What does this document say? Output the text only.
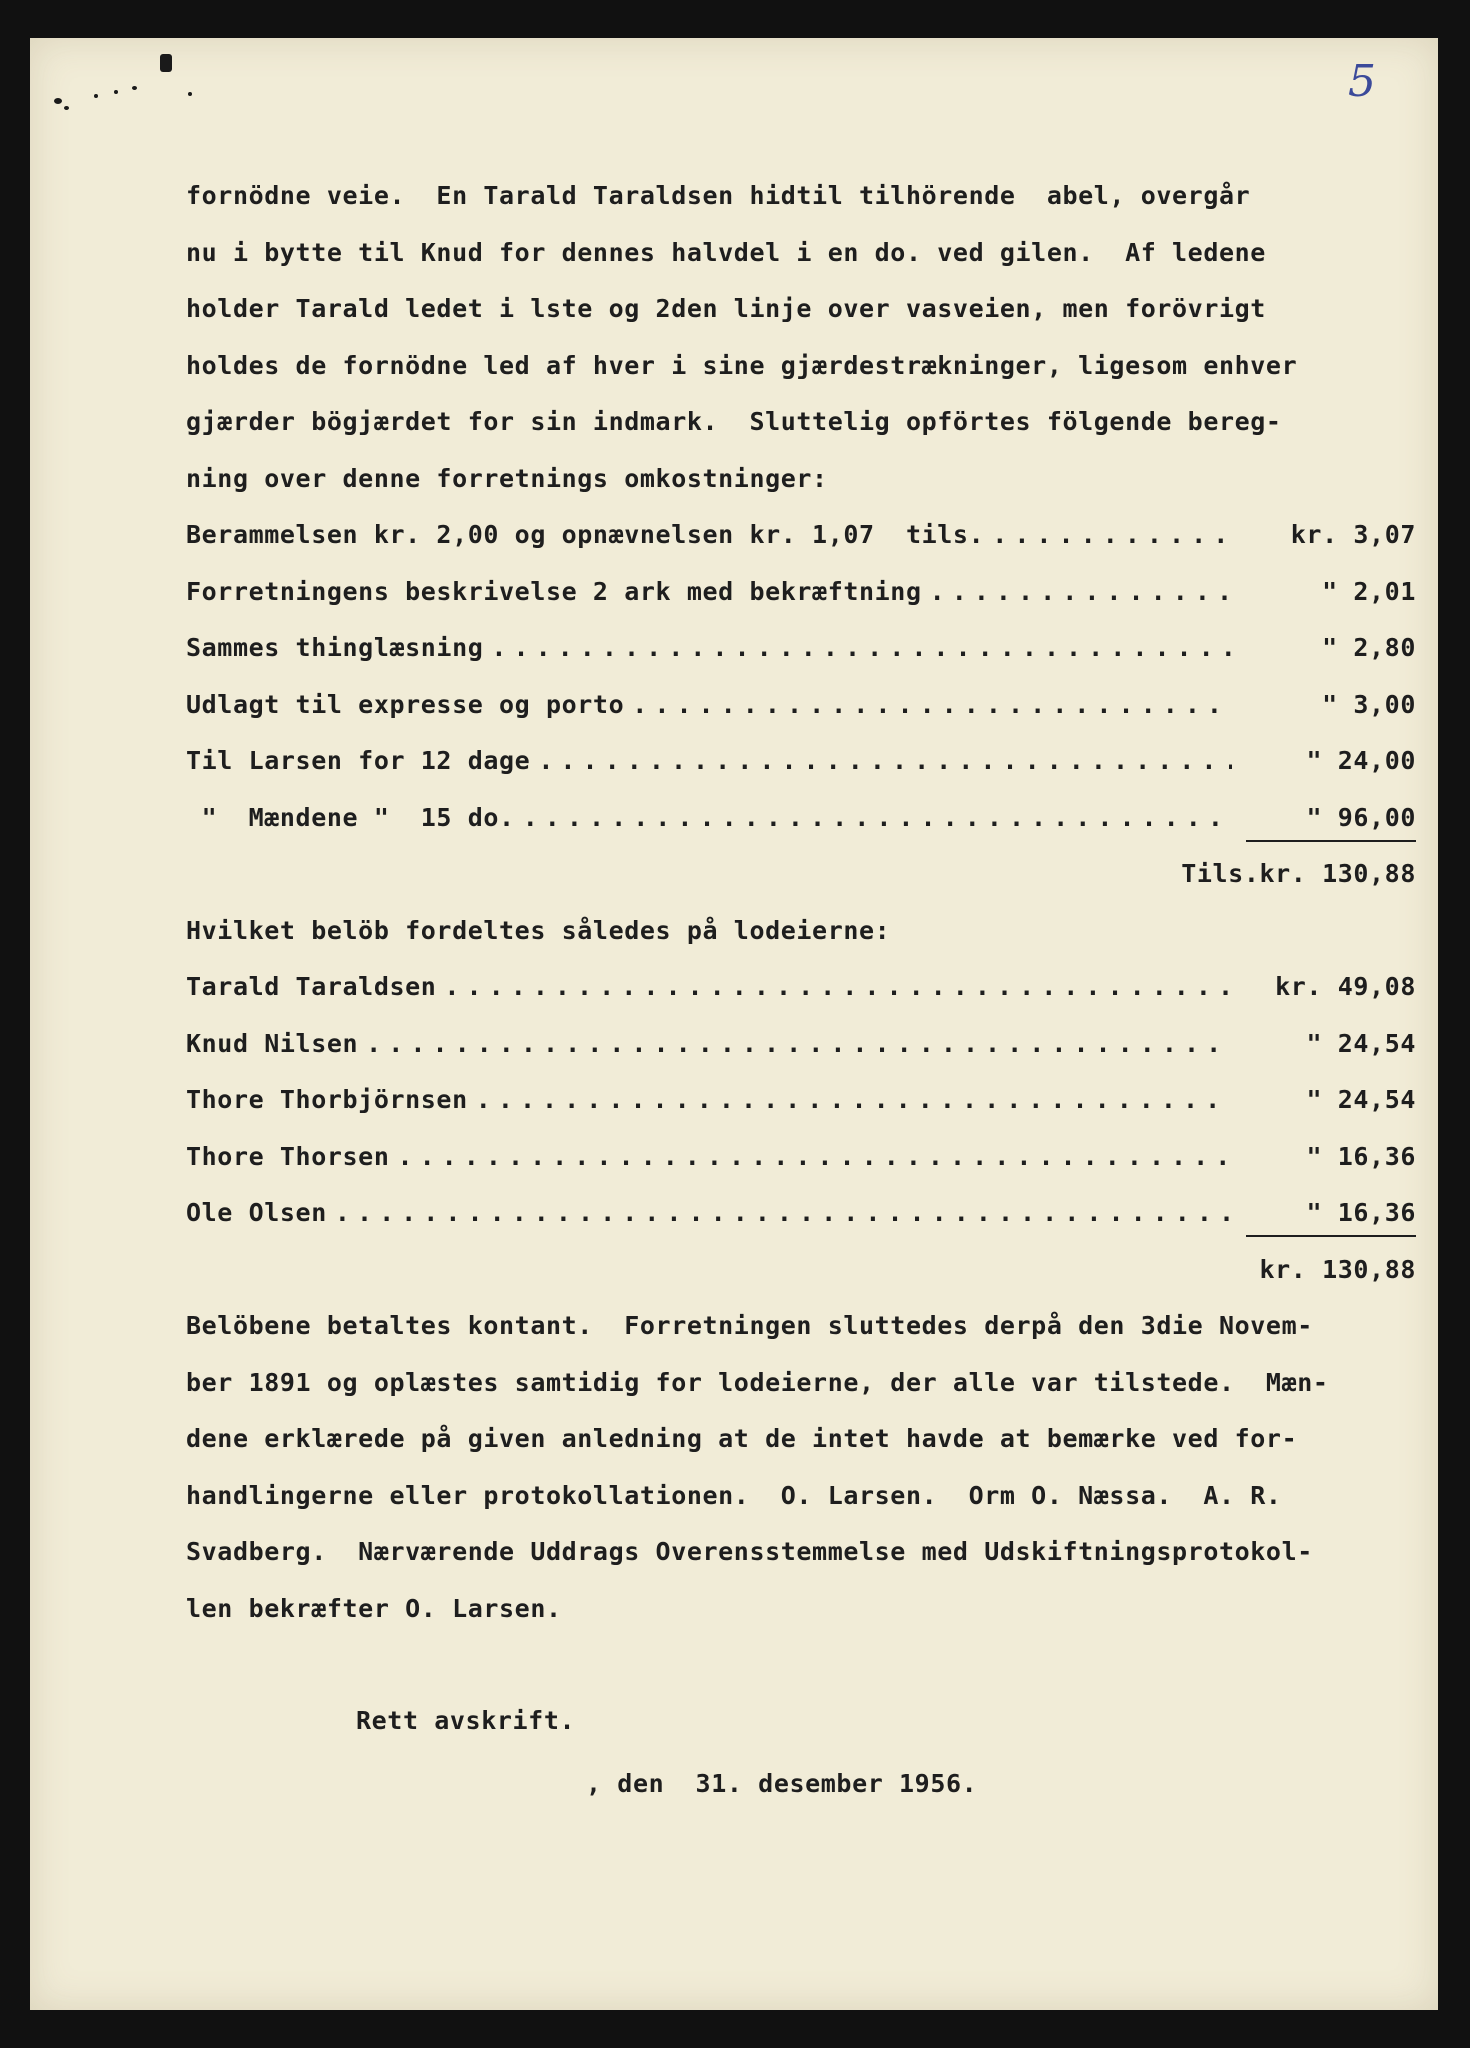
5
fornödne veie.  En Tarald Taraldsen hidtil tilhörende  abel, overgår
nu i bytte til Knud for dennes halvdel i en do. ved gilen.  Af ledene
holder Tarald ledet i lste og 2den linje over vasveien, men forövrigt
holdes de fornödne led af hver i sine gjærdestrækninger, ligesom enhver
gjærder bögjærdet for sin indmark.  Sluttelig opförtes fölgende bereg-
ning over denne forretnings omkostninger:
Berammelsen kr. 2,00 og opnævnelsen kr. 1,07  tils. . . .	kr. 3,07
Forretningens beskrivelse 2 ark med bekræftning . . .	" 2,01
Sammes thinglæsning . . .	" 2,80
Udlagt til expresse og porto . . .	" 3,00
Til Larsen for 12 dage . . .	" 24,00
"  Mændene "  15 do. . . .	" 96,00
Tils.kr. 130,88
Hvilket belöb fordeltes således på lodeierne:
Tarald Taraldsen . . .	kr. 49,08
Knud Nilsen . . .	" 24,54
Thore Thorbjörnsen . . .	" 24,54
Thore Thorsen . . .	" 16,36
Ole Olsen . . .	" 16,36
kr. 130,88
Belöbene betaltes kontant.  Forretningen sluttedes derpå den 3die Novem-
ber 1891 og oplæstes samtidig for lodeierne, der alle var tilstede.  Mæn-
dene erklærede på given anledning at de intet havde at bemærke ved for-
handlingerne eller protokollationen.  O. Larsen.  Orm O. Næssa.  A. R.
Svadberg.  Nærværende Uddrags Overensstemmelse med Udskiftningsprotokol-
len bekræfter O. Larsen.
Rett avskrift.
, den  31. desember 1956.
